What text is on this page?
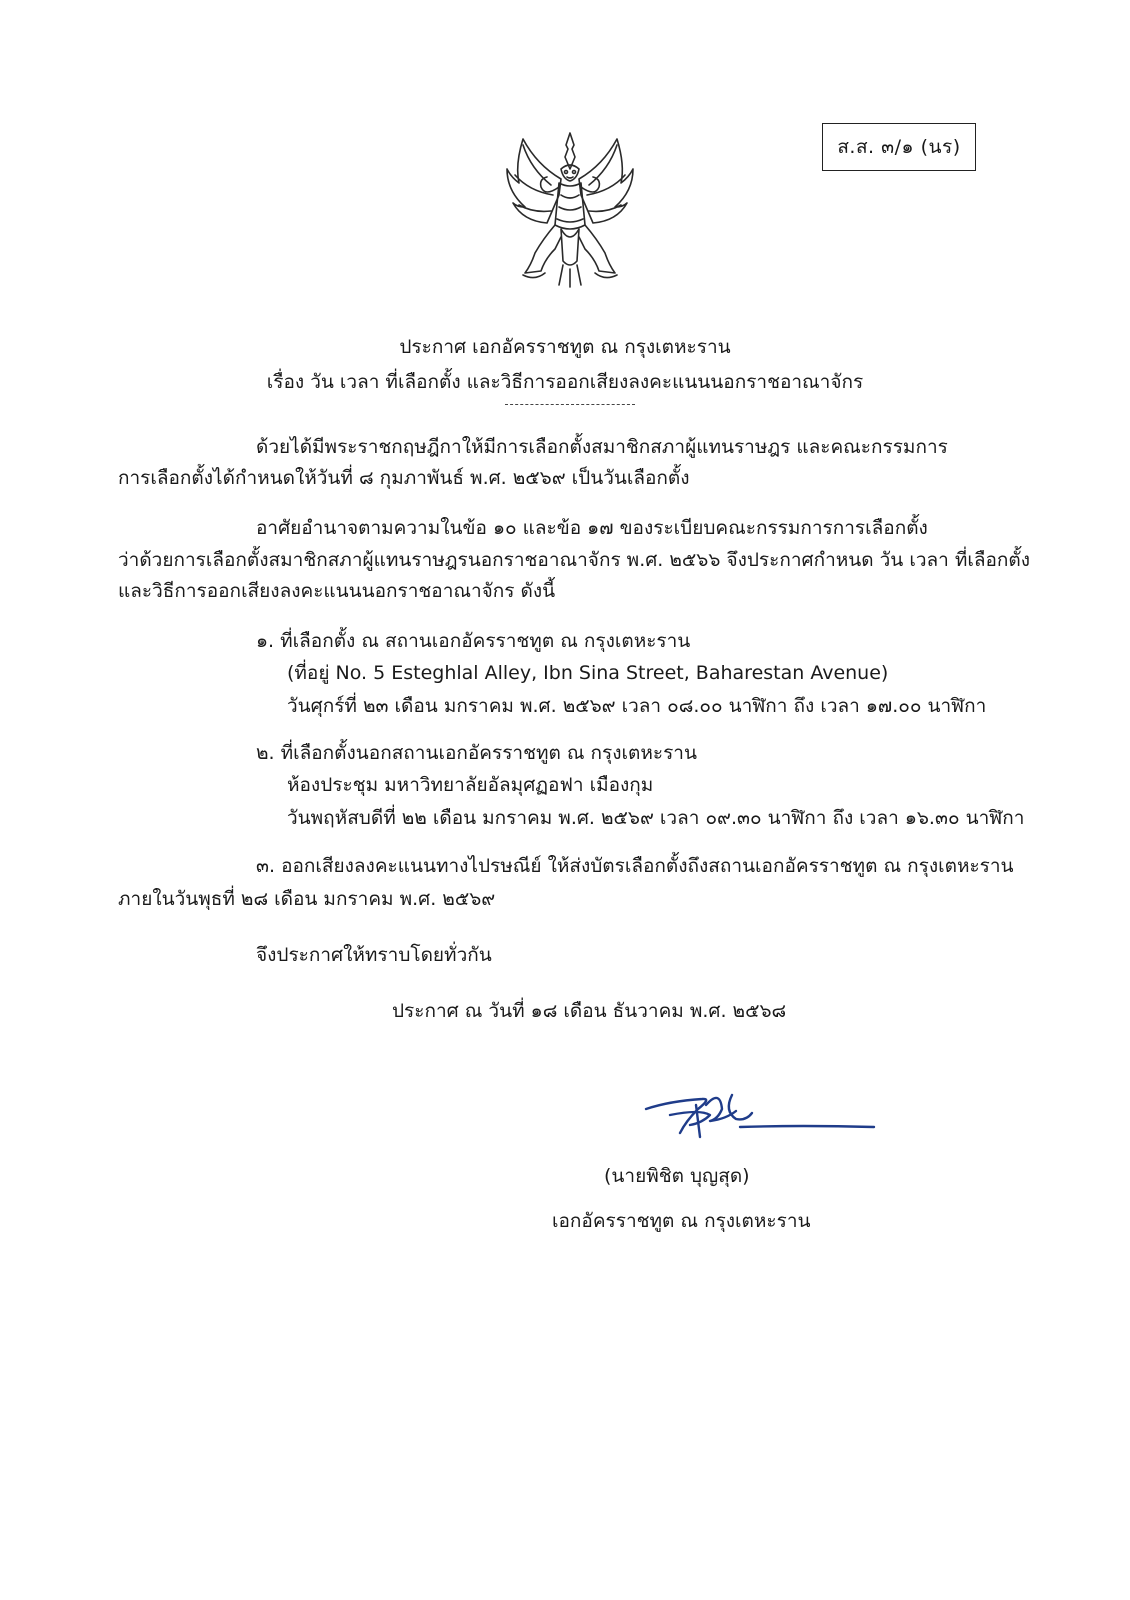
ส.ส. ๓/๑ (นร)
ประกาศ เอกอัครราชทูต ณ กรุงเตหะราน
เรื่อง วัน เวลา ที่เลือกตั้ง และวิธีการออกเสียงลงคะแนนนอกราชอาณาจักร
ด้วยได้มีพระราชกฤษฎีกาให้มีการเลือกตั้งสมาชิกสภาผู้แทนราษฎร และคณะกรรมการ
การเลือกตั้งได้กำหนดให้วันที่ ๘ กุมภาพันธ์ พ.ศ. ๒๕๖๙ เป็นวันเลือกตั้ง
อาศัยอำนาจตามความในข้อ ๑๐ และข้อ ๑๗ ของระเบียบคณะกรรมการการเลือกตั้ง
ว่าด้วยการเลือกตั้งสมาชิกสภาผู้แทนราษฎรนอกราชอาณาจักร พ.ศ. ๒๕๖๖ จึงประกาศกำหนด วัน เวลา ที่เลือกตั้ง
และวิธีการออกเสียงลงคะแนนนอกราชอาณาจักร ดังนี้
๑. ที่เลือกตั้ง ณ สถานเอกอัครราชทูต ณ กรุงเตหะราน
(ที่อยู่ No. 5 Esteghlal Alley, Ibn Sina Street, Baharestan Avenue)
วันศุกร์ที่ ๒๓ เดือน มกราคม พ.ศ. ๒๕๖๙ เวลา ๐๘.๐๐ นาฬิกา ถึง เวลา ๑๗.๐๐ นาฬิกา
๒. ที่เลือกตั้งนอกสถานเอกอัครราชทูต ณ กรุงเตหะราน
ห้องประชุม มหาวิทยาลัยอัลมุศฏอฟา เมืองกุม
วันพฤหัสบดีที่ ๒๒ เดือน มกราคม พ.ศ. ๒๕๖๙ เวลา ๐๙.๓๐ นาฬิกา ถึง เวลา ๑๖.๓๐ นาฬิกา
๓. ออกเสียงลงคะแนนทางไปรษณีย์ ให้ส่งบัตรเลือกตั้งถึงสถานเอกอัครราชทูต ณ กรุงเตหะราน
ภายในวันพุธที่ ๒๘ เดือน มกราคม พ.ศ. ๒๕๖๙
จึงประกาศให้ทราบโดยทั่วกัน
ประกาศ ณ วันที่ ๑๘ เดือน ธันวาคม พ.ศ. ๒๕๖๘
(นายพิชิต บุญสุด)
เอกอัครราชทูต ณ กรุงเตหะราน
